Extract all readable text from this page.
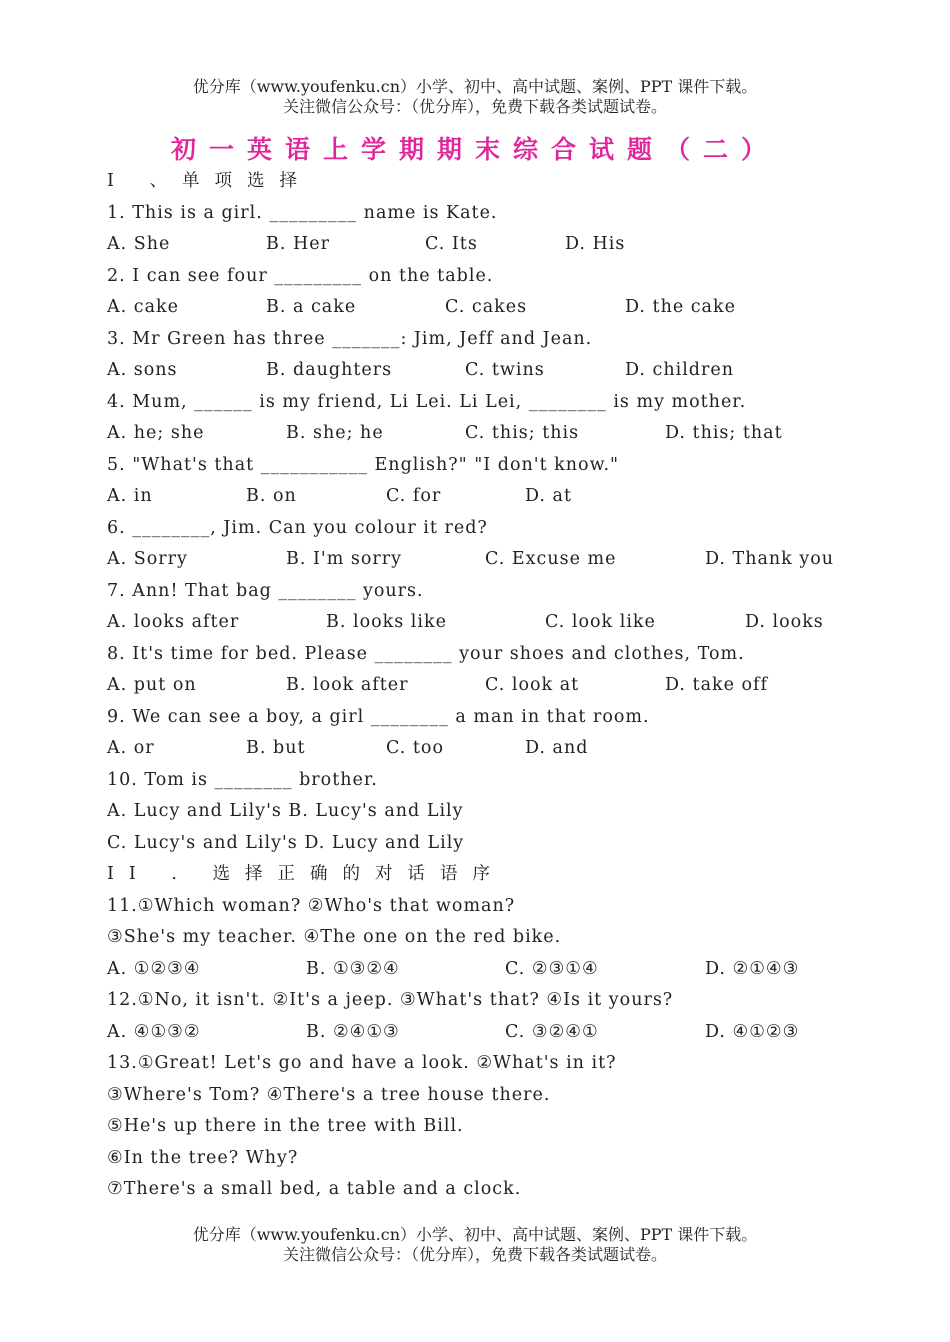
优分库（www.youfenku.cn）小学、初中、高中试题、案例、PPT 课件下载。
关注微信公众号：（优分库），免费下载各类试题试卷。
初一英语上学期期末综合试题（二）
I 、单项选择
1. This is a girl. _________ name is Kate.
A. She	B. Her	C. Its	D. His
2. I can see four _________ on the table.
A. cake	B. a cake	C. cakes	D. the cake
3. Mr Green has three _______: Jim, Jeff and Jean.
A. sons	B. daughters	C. twins	D. children
4. Mum, ______ is my friend, Li Lei. Li Lei, ________ is my mother.
A. he; she	B. she; he	C. this; this	D. this; that
5. "What's that ___________ English?" "I don't know."
A. in	B. on	C. for	D. at
6. ________, Jim. Can you colour it red?
A. Sorry	B. I'm sorry	C. Excuse me	D. Thank you
7. Ann! That bag ________ yours.
A. looks after	B. looks like	C. look like	D. looks
8. It's time for bed. Please ________ your shoes and clothes, Tom.
A. put on	B. look after	C. look at	D. take off
9. We can see a boy, a girl ________ a man in that room.
A. or	B. but	C. too	D. and
10. Tom is ________ brother.
A. Lucy and Lily's B. Lucy's and Lily
C. Lucy's and Lily's D. Lucy and Lily
II . 选择正确的对话语序
11.①Which woman? ②Who's that woman?
③She's my teacher. ④The one on the red bike.
A. ①②③④	B. ①③②④	C. ②③①④	D. ②①④③
12.①No, it isn't. ②It's a jeep. ③What's that? ④Is it yours?
A. ④①③②	B. ②④①③	C. ③②④①	D. ④①②③
13.①Great! Let's go and have a look. ②What's in it?
③Where's Tom? ④There's a tree house there.
⑤He's up there in the tree with Bill.
⑥In the tree? Why?
⑦There's a small bed, a table and a clock.
优分库（www.youfenku.cn）小学、初中、高中试题、案例、PPT 课件下载。
关注微信公众号：（优分库），免费下载各类试题试卷。
